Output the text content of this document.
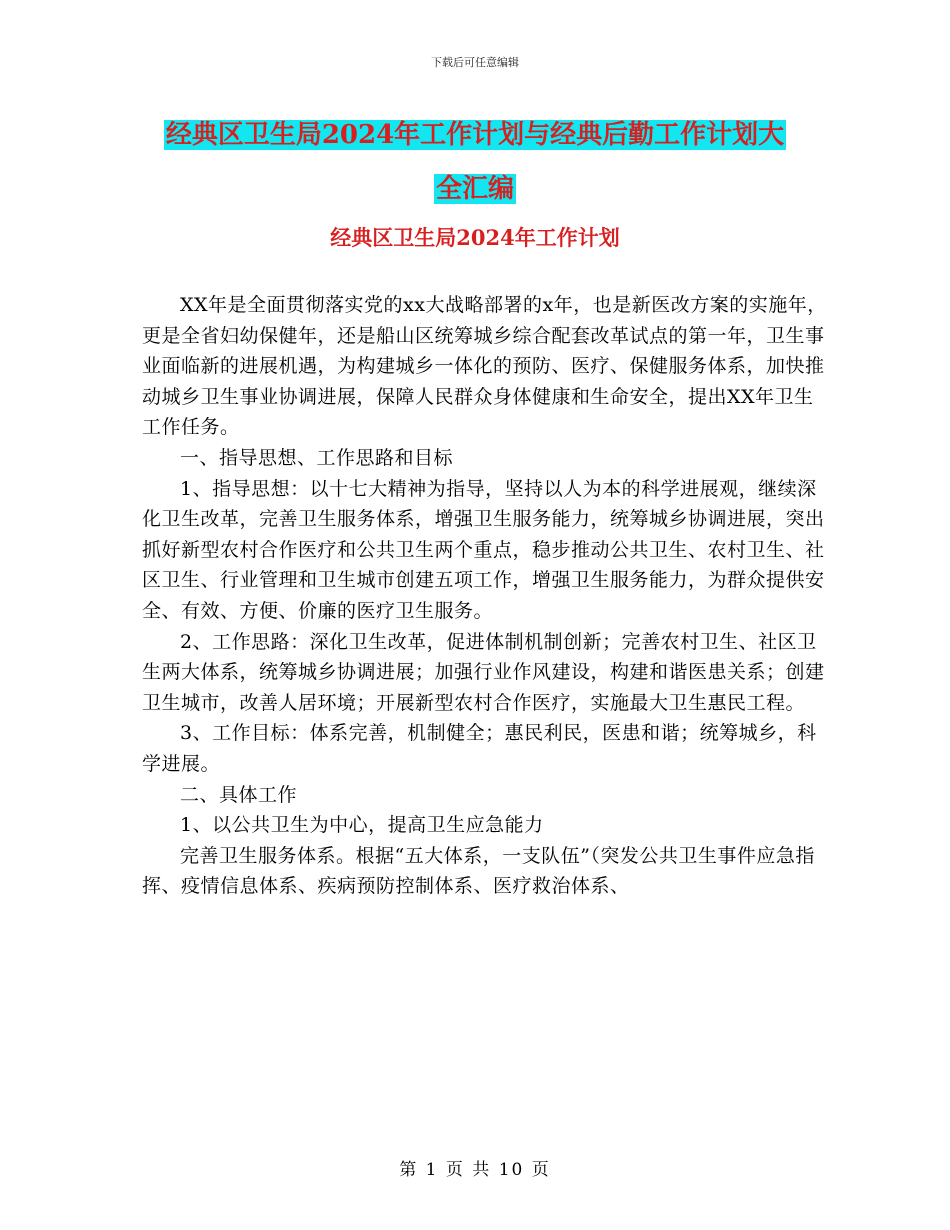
下载后可任意编辑
经典区卫生局2024年工作计划与经典后勤工作计划大
全汇编
经典区卫生局2024年工作计划

XX年是全面贯彻落实党的xx大战略部署的x年，也是新医改方案的实施年，更是全省妇幼保健年，还是船山区统筹城乡综合配套改革试点的第一年，卫生事业面临新的进展机遇，为构建城乡一体化的预防、医疗、保健服务体系，加快推动城乡卫生事业协调进展，保障人民群众身体健康和生命安全，提出XX年卫生工作任务。

一、指导思想、工作思路和目标

1、指导思想：以十七大精神为指导，坚持以人为本的科学进展观，继续深化卫生改革，完善卫生服务体系，增强卫生服务能力，统筹城乡协调进展，突出抓好新型农村合作医疗和公共卫生两个重点，稳步推动公共卫生、农村卫生、社区卫生、行业管理和卫生城市创建五项工作，增强卫生服务能力，为群众提供安全、有效、方便、价廉的医疗卫生服务。

2、工作思路：深化卫生改革，促进体制机制创新；完善农村卫生、社区卫生两大体系，统筹城乡协调进展；加强行业作风建设，构建和谐医患关系；创建卫生城市，改善人居环境；开展新型农村合作医疗，实施最大卫生惠民工程。

3、工作目标：体系完善，机制健全；惠民利民，医患和谐；统筹城乡，科学进展。

二、具体工作

1、以公共卫生为中心，提高卫生应急能力

完善卫生服务体系。根据“五大体系，一支队伍”（突发公共卫生事件应急指挥、疫情信息体系、疾病预防控制体系、医疗救治体系、

第 1 页 共 10 页
